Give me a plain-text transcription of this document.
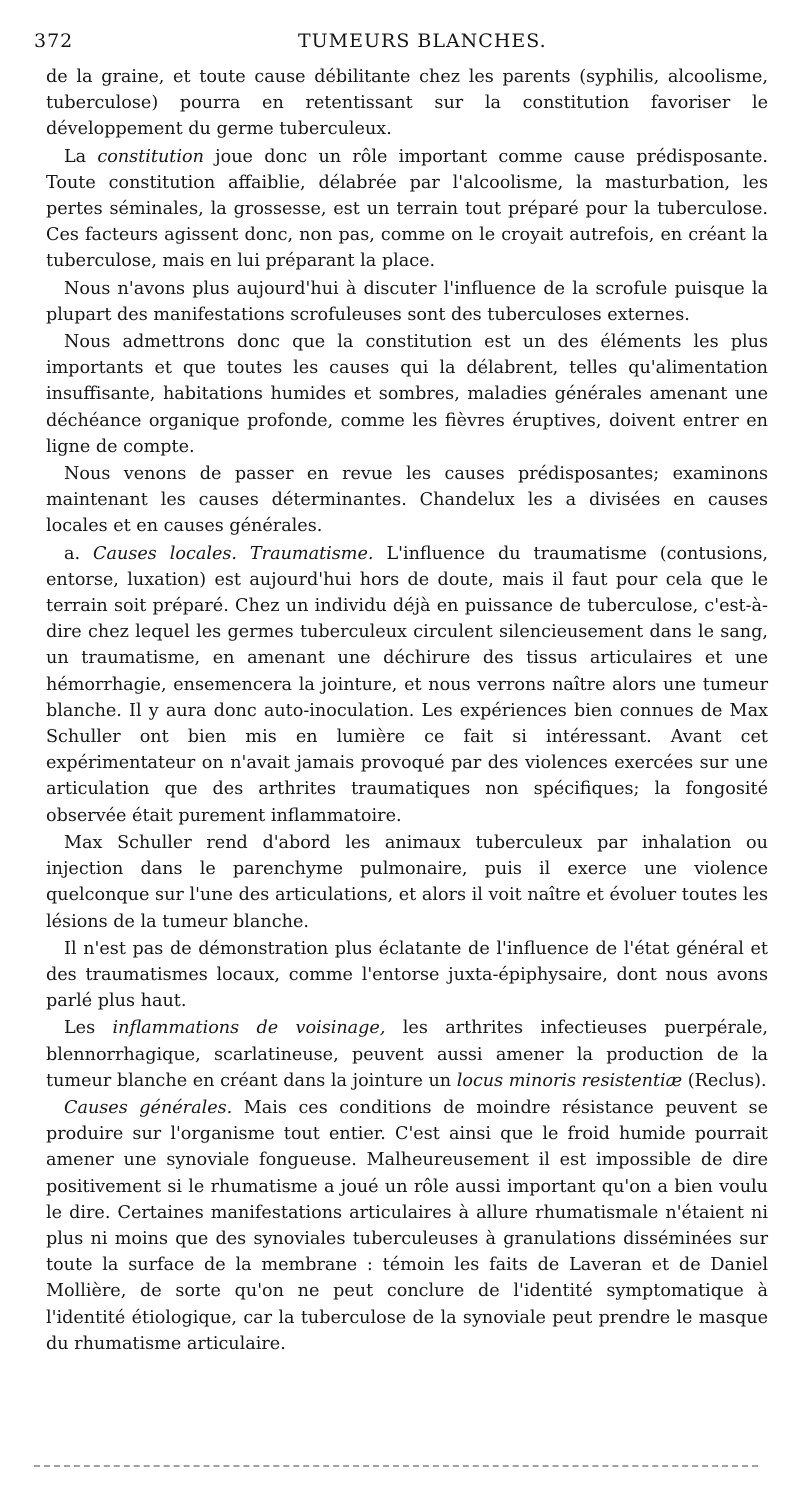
372	TUMEURS BLANCHES.

de la graine, et toute cause débilitante chez les parents (syphilis, alcoolisme, tuberculose) pourra en retentissant sur la constitution favoriser le développement du germe tuberculeux.

La constitution joue donc un rôle important comme cause prédisposante. Toute constitution affaiblie, délabrée par l'alcoolisme, la masturbation, les pertes séminales, la grossesse, est un terrain tout préparé pour la tuberculose. Ces facteurs agissent donc, non pas, comme on le croyait autrefois, en créant la tuberculose, mais en lui préparant la place.

Nous n'avons plus aujourd'hui à discuter l'influence de la scrofule puisque la plupart des manifestations scrofuleuses sont des tuberculoses externes.

Nous admettrons donc que la constitution est un des éléments les plus importants et que toutes les causes qui la délabrent, telles qu'alimentation insuffisante, habitations humides et sombres, maladies générales amenant une déchéance organique profonde, comme les fièvres éruptives, doivent entrer en ligne de compte.

Nous venons de passer en revue les causes prédisposantes; examinons maintenant les causes déterminantes. Chandelux les a divisées en causes locales et en causes générales.

a. Causes locales. Traumatisme. L'influence du traumatisme (contusions, entorse, luxation) est aujourd'hui hors de doute, mais il faut pour cela que le terrain soit préparé. Chez un individu déjà en puissance de tuberculose, c'est-à-dire chez lequel les germes tuberculeux circulent silencieusement dans le sang, un traumatisme, en amenant une déchirure des tissus articulaires et une hémorrhagie, ensemencera la jointure, et nous verrons naître alors une tumeur blanche. Il y aura donc auto-inoculation. Les expériences bien connues de Max Schuller ont bien mis en lumière ce fait si intéressant. Avant cet expérimentateur on n'avait jamais provoqué par des violences exercées sur une articulation que des arthrites traumatiques non spécifiques; la fongosité observée était purement inflammatoire.

Max Schuller rend d'abord les animaux tuberculeux par inhalation ou injection dans le parenchyme pulmonaire, puis il exerce une violence quelconque sur l'une des articulations, et alors il voit naître et évoluer toutes les lésions de la tumeur blanche.

Il n'est pas de démonstration plus éclatante de l'influence de l'état général et des traumatismes locaux, comme l'entorse juxta-épiphysaire, dont nous avons parlé plus haut.

Les inflammations de voisinage, les arthrites infectieuses puerpérale, blennorrhagique, scarlatineuse, peuvent aussi amener la production de la tumeur blanche en créant dans la jointure un locus minoris resistentiæ (Reclus).

Causes générales. Mais ces conditions de moindre résistance peuvent se produire sur l'organisme tout entier. C'est ainsi que le froid humide pourrait amener une synoviale fongueuse. Malheureusement il est impossible de dire positivement si le rhumatisme a joué un rôle aussi important qu'on a bien voulu le dire. Certaines manifestations articulaires à allure rhumatismale n'étaient ni plus ni moins que des synoviales tuberculeuses à granulations disséminées sur toute la surface de la membrane : témoin les faits de Laveran et de Daniel Mollière, de sorte qu'on ne peut conclure de l'identité symptomatique à l'identité étiologique, car la tuberculose de la synoviale peut prendre le masque du rhumatisme articulaire.
